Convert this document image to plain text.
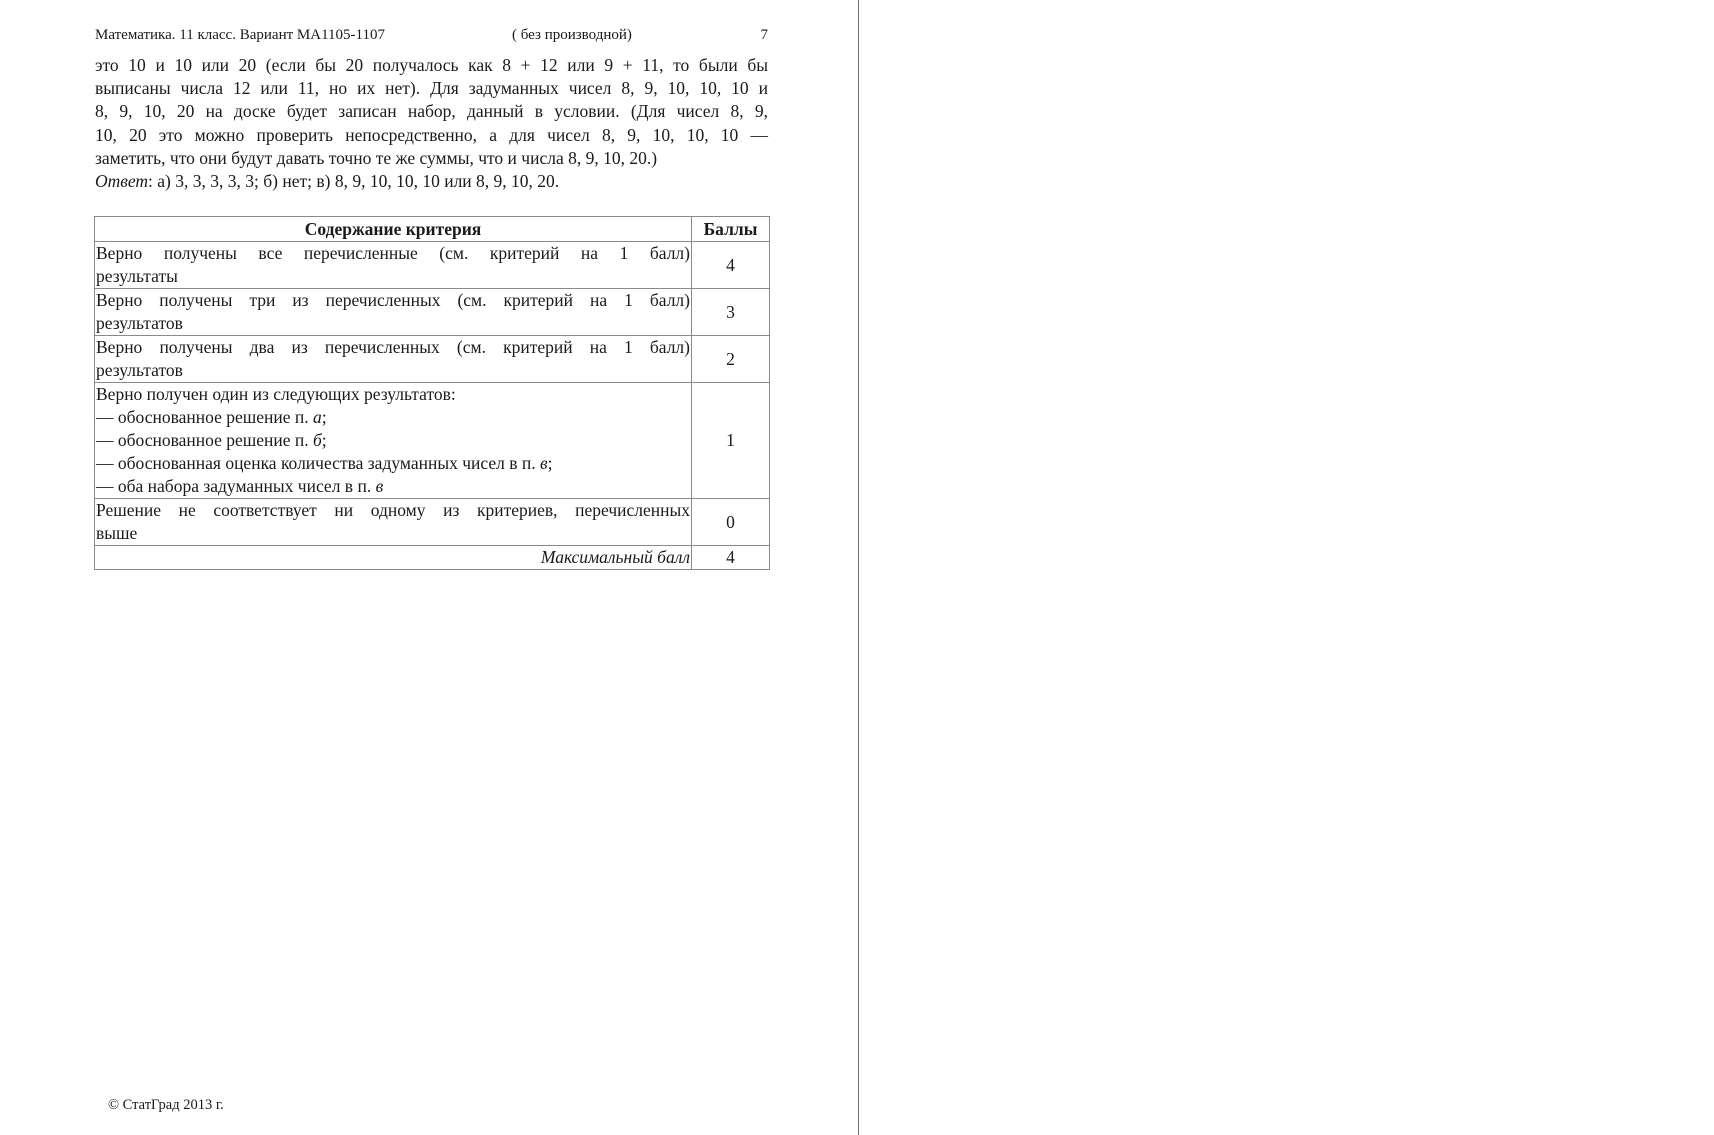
Математика. 11 класс. Вариант МА1105-1107	( без производной)	7
это 10 и 10 или 20 (если бы 20 получалось как 8 + 12 или 9 + 11, то были бы
выписаны числа 12 или 11, но их нет). Для задуманных чисел 8, 9, 10, 10, 10 и
8, 9, 10, 20 на доске будет записан набор, данный в условии. (Для чисел 8, 9,
10, 20 это можно проверить непосредственно, а для чисел 8, 9, 10, 10, 10 —
заметить, что они будут давать точно те же суммы, что и числа 8, 9, 10, 20.)
Ответ: а) 3, 3, 3, 3, 3; б) нет; в) 8, 9, 10, 10, 10 или 8, 9, 10, 20.
Содержание критерия	Баллы

Верно получены все перечисленные (см. критерий на 1 балл)
результаты	4

Верно получены три из перечисленных (см. критерий на 1 балл)
результатов	3

Верно получены два из перечисленных (см. критерий на 1 балл)
результатов	2

Верно получен один из следующих результатов:
— обоснованное решение п. а;
— обоснованное решение п. б;
— обоснованная оценка количества задуманных чисел в п. в;
— оба набора задуманных чисел в п. в	1

Решение не соответствует ни одному из критериев, перечисленных
выше	0
Максимальный балл	4
© СтатГрад 2013 г.
